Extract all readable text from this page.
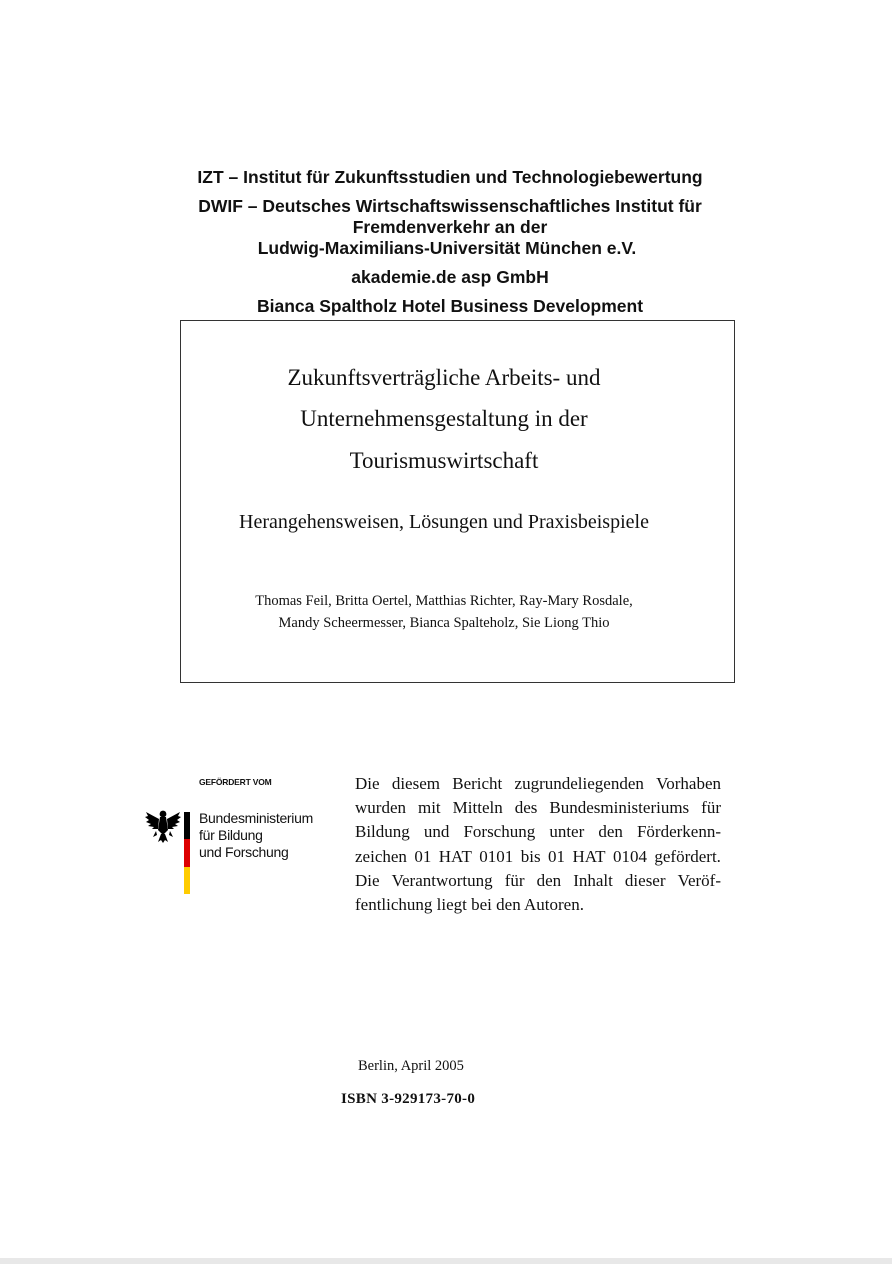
IZT – Institut für Zukunftsstudien und Technologiebewertung
DWIF – Deutsches Wirtschaftswissenschaftliches Institut für
Fremdenverkehr an der
Ludwig-Maximilians-Universität München e.V.
akademie.de asp GmbH
Bianca Spaltholz Hotel Business Development
Zukunftsverträgliche Arbeits- und
Unternehmensgestaltung in der
Tourismuswirtschaft
Herangehensweisen, Lösungen und Praxisbeispiele
Thomas Feil, Britta Oertel, Matthias Richter, Ray-Mary Rosdale,
Mandy Scheermesser, Bianca Spalteholz, Sie Liong Thio
GEFÖRDERT VOM
Bundesministerium
für Bildung
und Forschung
Die diesem Bericht zugrundeliegenden Vorhaben
wurden mit Mitteln des Bundesministeriums für
Bildung und Forschung unter den Förderkenn-
zeichen 01 HAT 0101 bis 01 HAT 0104 gefördert.
Die Verantwortung für den Inhalt dieser Veröf-
fentlichung liegt bei den Autoren.
Berlin, April 2005
ISBN 3-929173-70-0
